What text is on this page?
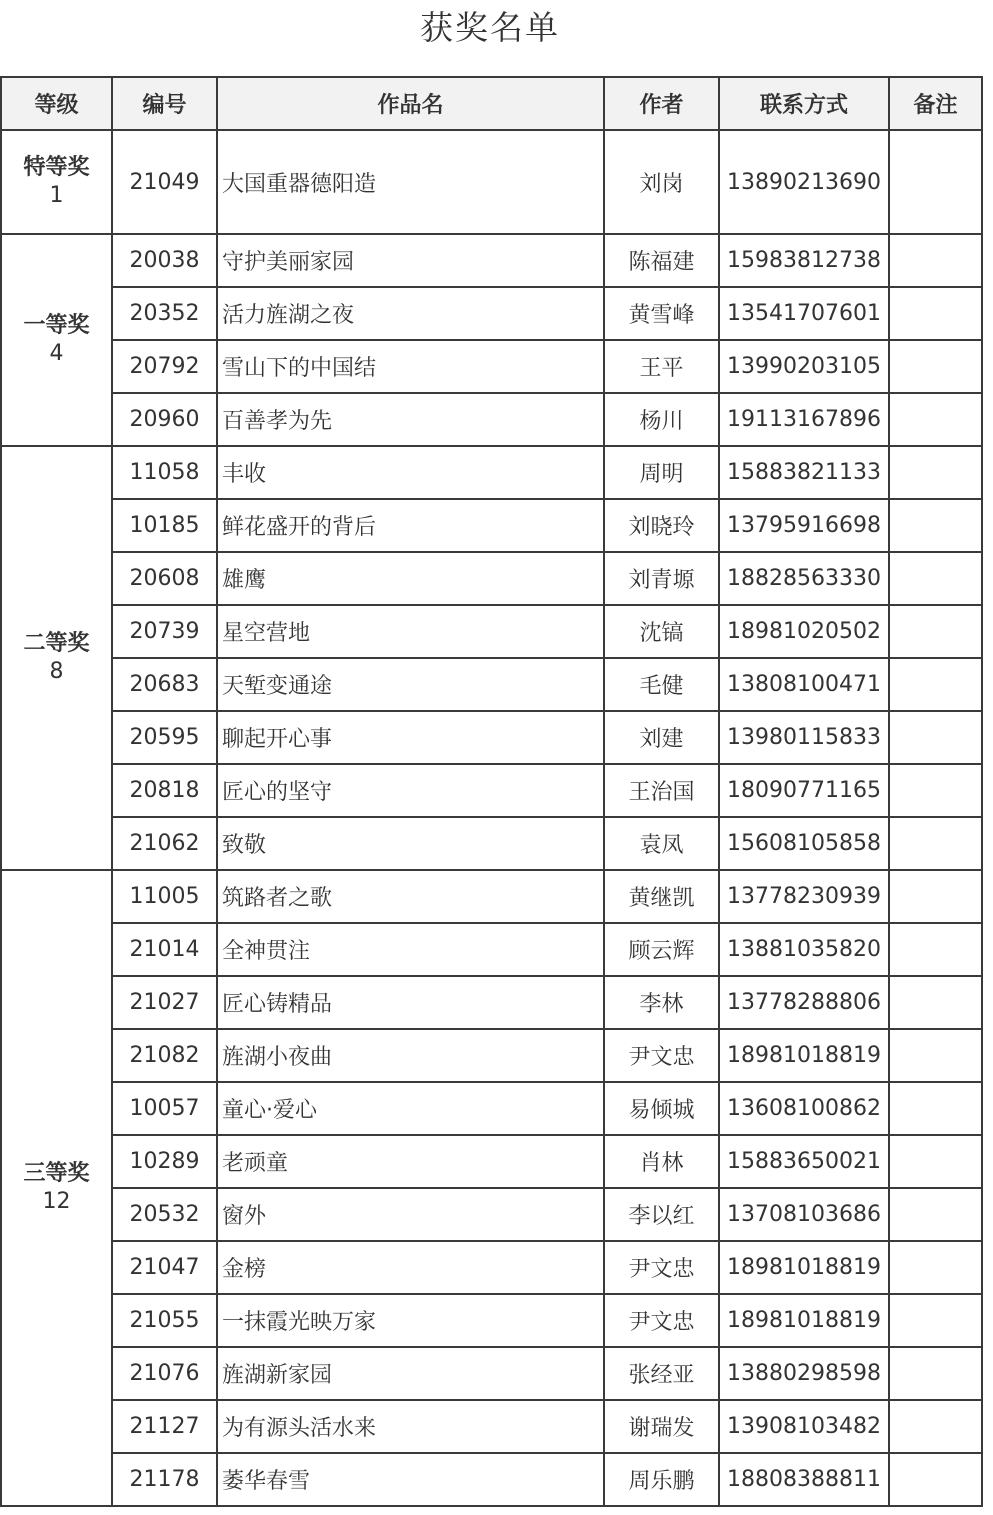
获奖名单
等级	编号	作品名	作者	联系方式	备注

特等奖
1	21049	大国重器德阳造	刘岗	13890213690	

一等奖
4	20038	守护美丽家园	陈福建	15983812738	
	20352	活力旌湖之夜	黄雪峰	13541707601	
	20792	雪山下的中国结	王平	13990203105	
	20960	百善孝为先	杨川	19113167896	

二等奖
8	11058	丰收	周明	15883821133	
	10185	鲜花盛开的背后	刘晓玲	13795916698	
	20608	雄鹰	刘青塬	18828563330	
	20739	星空营地	沈镐	18981020502	
	20683	天堑变通途	毛健	13808100471	
	20595	聊起开心事	刘建	13980115833	
	20818	匠心的坚守	王治国	18090771165	
	21062	致敬	袁凤	15608105858	

三等奖
12	11005	筑路者之歌	黄继凯	13778230939	
	21014	全神贯注	顾云辉	13881035820	
	21027	匠心铸精品	李林	13778288806	
	21082	旌湖小夜曲	尹文忠	18981018819	
	10057	童心·爱心	易倾城	13608100862	
	10289	老顽童	肖林	15883650021	
	20532	窗外	李以红	13708103686	
	21047	金榜	尹文忠	18981018819	
	21055	一抹霞光映万家	尹文忠	18981018819	
	21076	旌湖新家园	张经亚	13880298598	
	21127	为有源头活水来	谢瑞发	13908103482	
	21178	萎华春雪	周乐鹏	18808388811	
